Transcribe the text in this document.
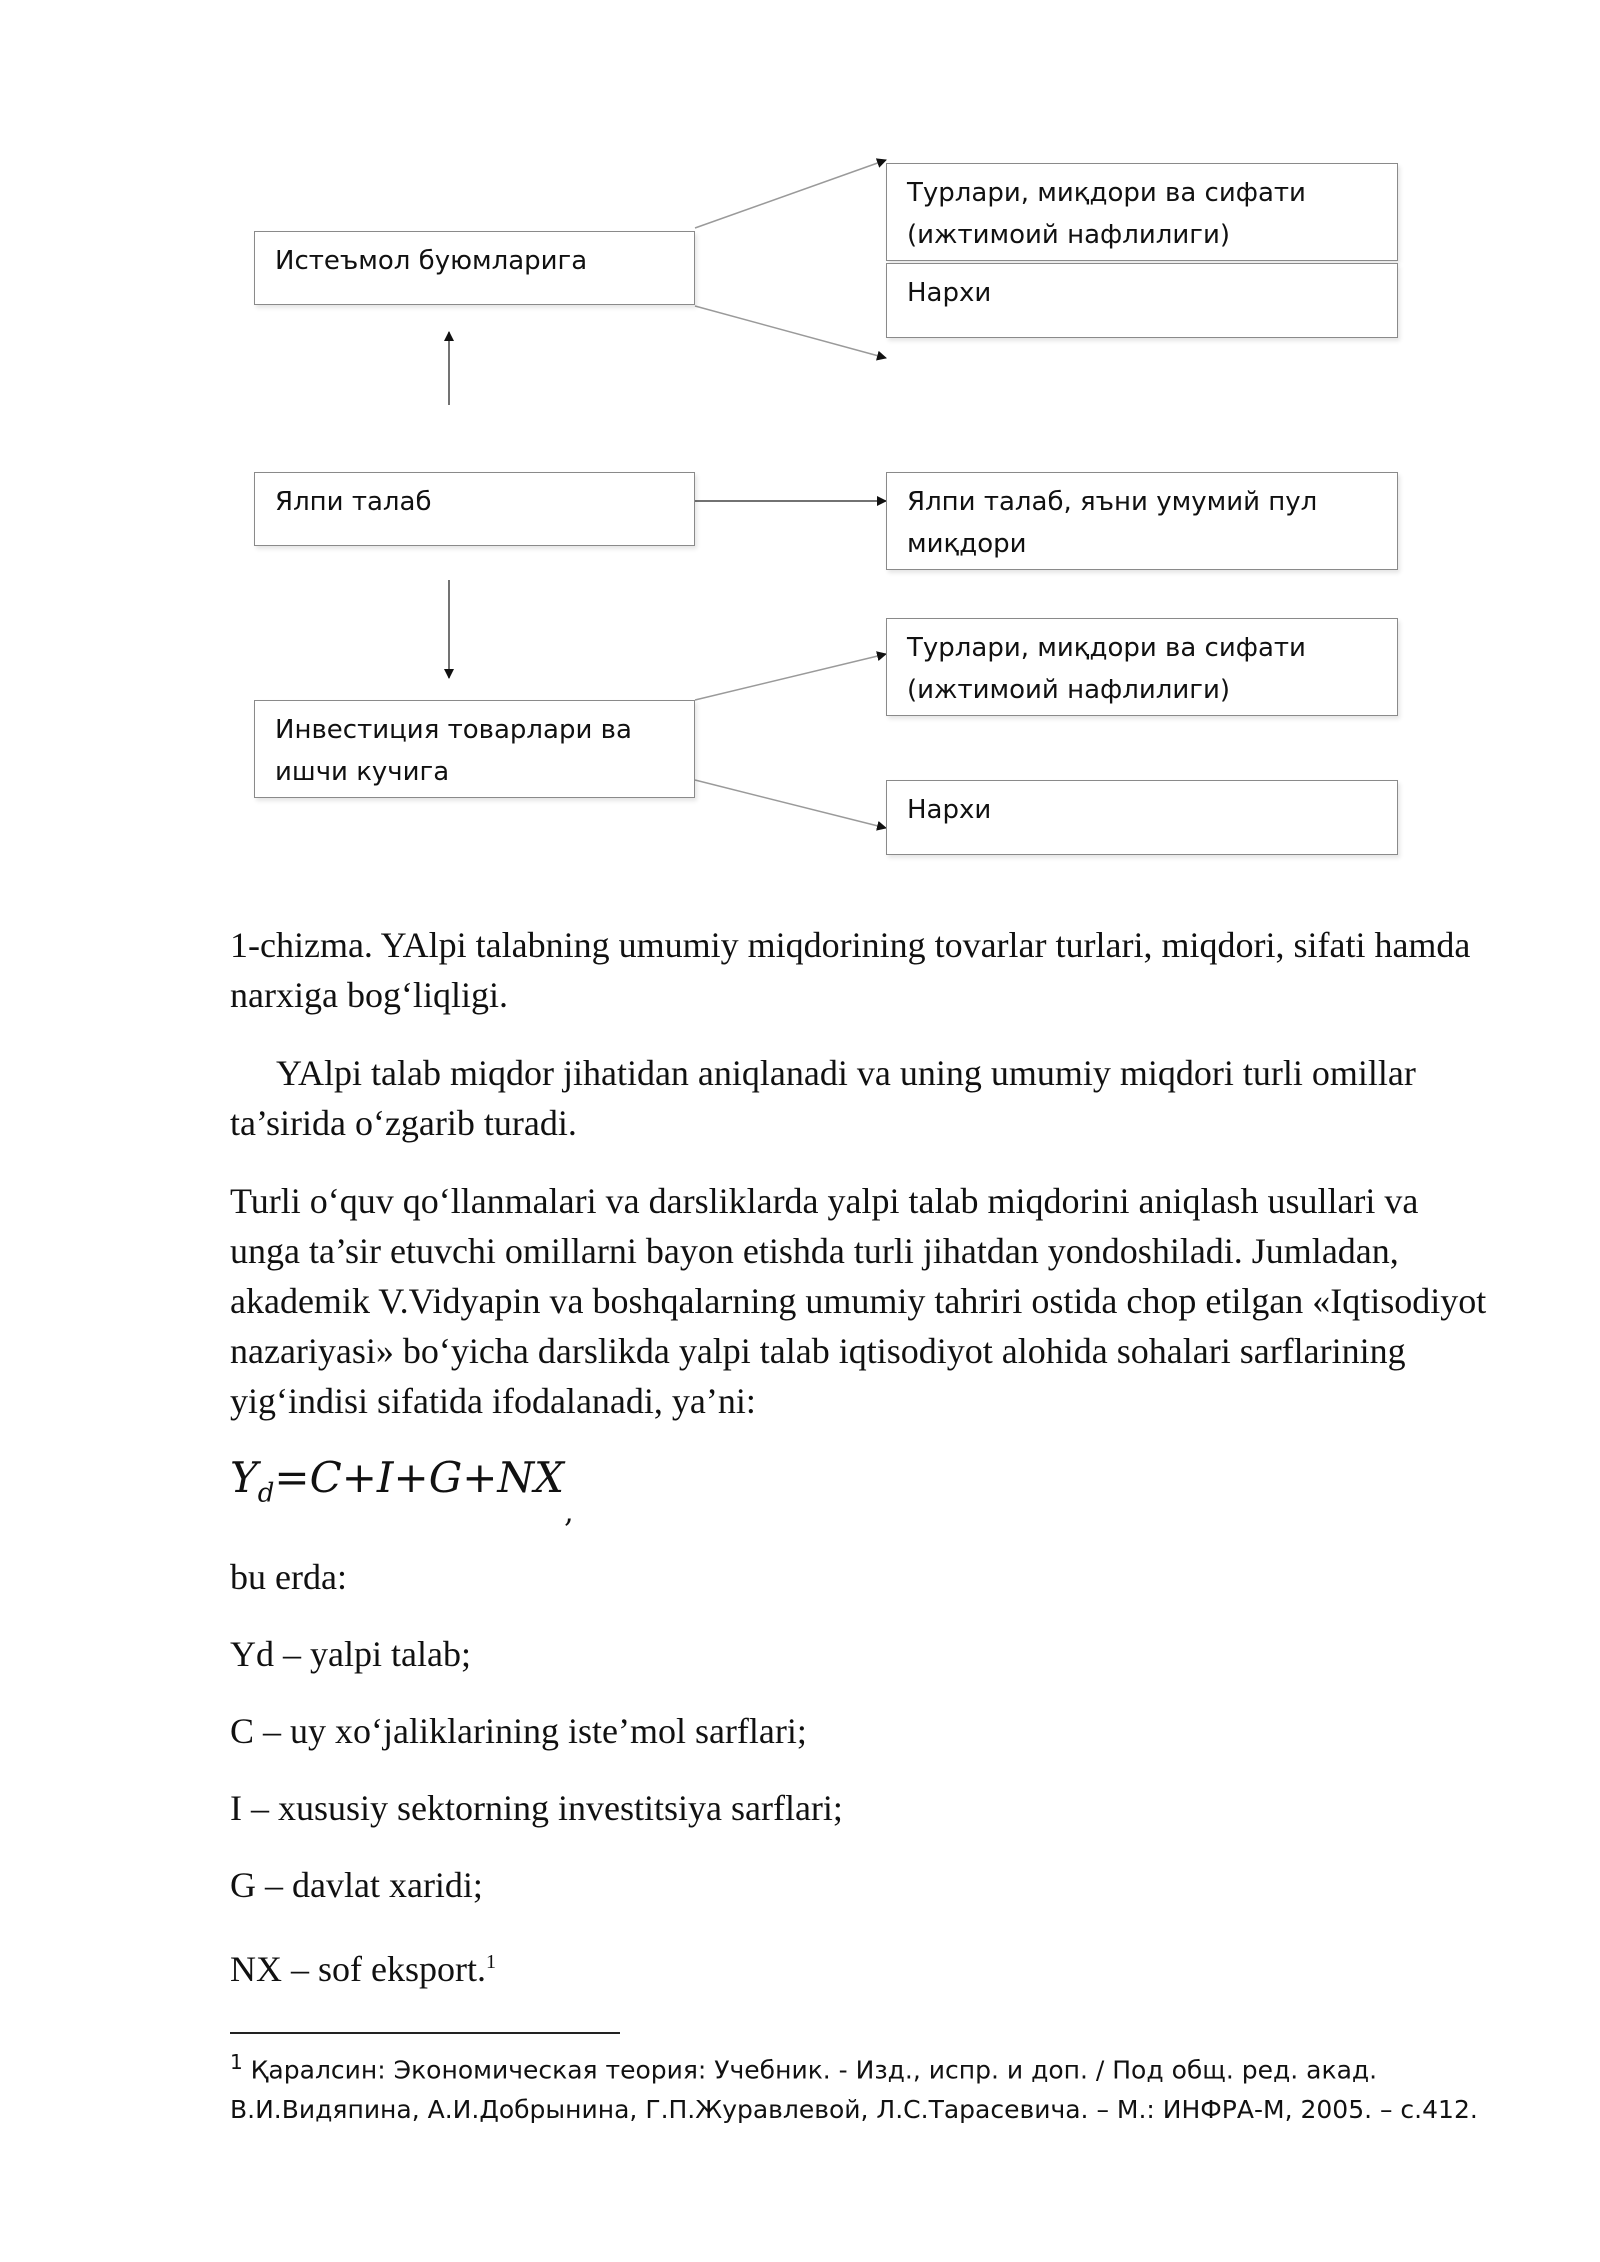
Истеъмол буюмларига
Ялпи талаб
Инвестиция товарлари ва ишчи кучига
Турлари, миқдори ва сифати (ижтимоий нафлилиги)
Нархи
Ялпи талаб, яъни умумий пул миқдори
Турлари, миқдори ва сифати (ижтимоий нафлилиги)
Нархи

1-chizma. YAlpi talabning umumiy miqdorining tovarlar turlari, miqdori, sifati hamda narxiga bog‘liqligi.

YAlpi talab miqdor jihatidan aniqlanadi va uning umumiy miqdori turli omillar ta’sirida o‘zgarib turadi.

Turli o‘quv qo‘llanmalari va darsliklarda yalpi talab miqdorini aniqlash usullari va unga ta’sir etuvchi omillarni bayon etishda turli jihatdan yondoshiladi. Jumladan, akademik V.Vidyapin va boshqalarning umumiy tahriri ostida chop etilgan «Iqtisodiyot nazariyasi» bo‘yicha darslikda yalpi talab iqtisodiyot alohida sohalari sarflarining yig‘indisi sifatida ifodalanadi, ya’ni:

$Y_d=C+I+G+NX_,$

bu erda:

Yd – yalpi talab;

C – uy xo‘jaliklarining iste’mol sarflari;

I – xususiy sektorning investitsiya sarflari;

G – davlat xaridi;

NX – sof eksport.$^1$

$^1$ Қаралсин: Экономическая теория: Учебник. - Изд., испр. и доп. / Под общ. ред. акад. В.И.Видяпина, А.И.Добрынина, Г.П.Журавлевой, Л.С.Тарасевича. – М.: ИНФРА-М, 2005. – с.412.
